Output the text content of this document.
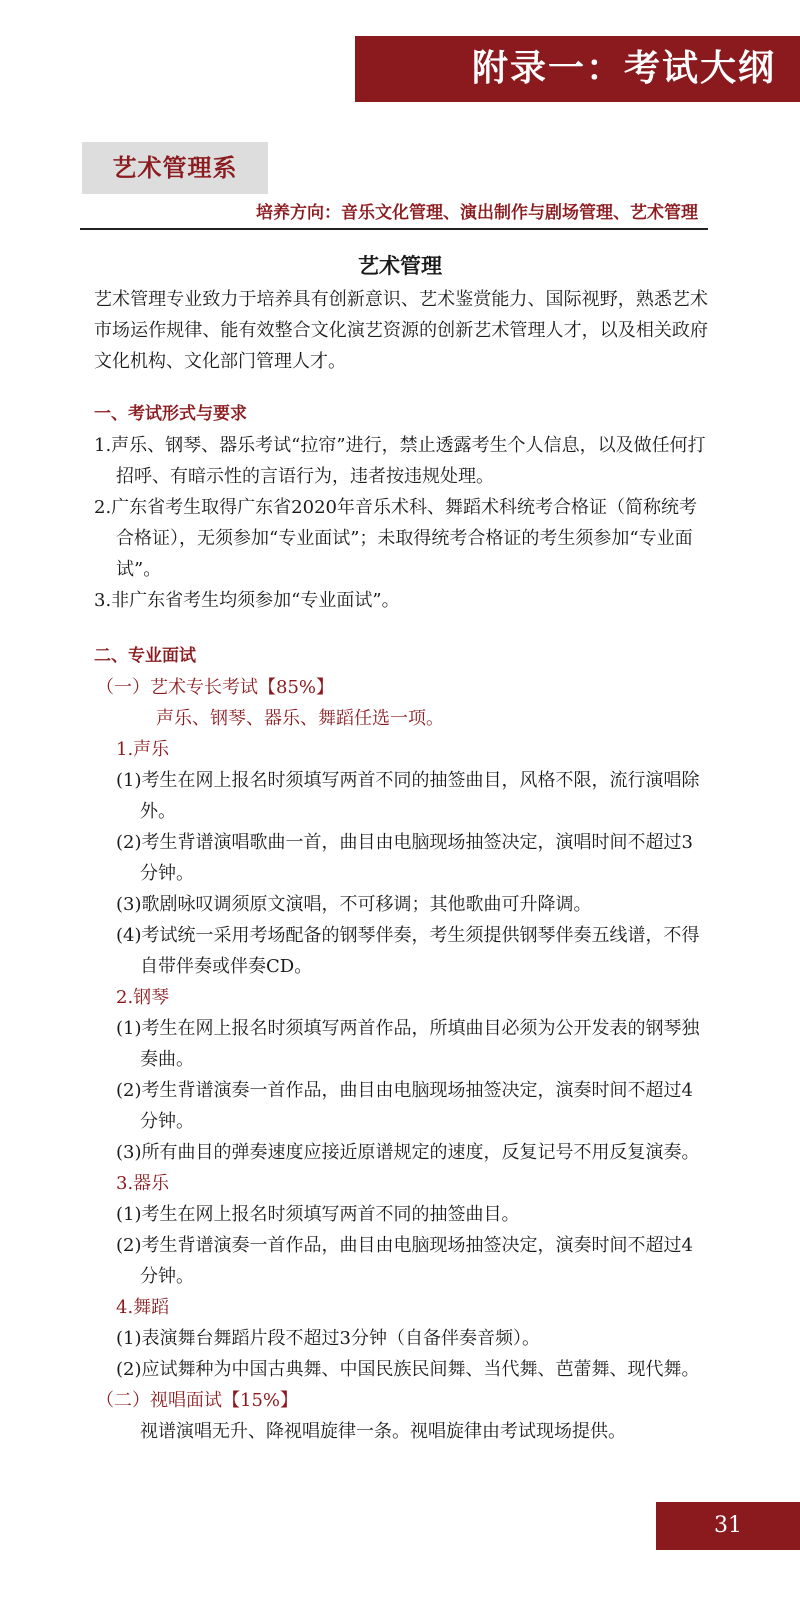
附录一：考试大纲
艺术管理系
培养方向：音乐文化管理、演出制作与剧场管理、艺术管理
艺术管理

艺术管理专业致力于培养具有创新意识、艺术鉴赏能力、国际视野，熟悉艺术市场运作规律、能有效整合文化演艺资源的创新艺术管理人才，以及相关政府文化机构、文化部门管理人才。

一、考试形式与要求

1.声乐、钢琴、器乐考试“拉帘”进行，禁止透露考生个人信息，以及做任何打招呼、有暗示性的言语行为，违者按违规处理。

2.广东省考生取得广东省2020年音乐术科、舞蹈术科统考合格证（简称统考合格证），无须参加“专业面试”；未取得统考合格证的考生须参加“专业面试”。

3.非广东省考生均须参加“专业面试”。

二、专业面试

（一）艺术专长考试【85%】

声乐、钢琴、器乐、舞蹈任选一项。

1.声乐

(1)考生在网上报名时须填写两首不同的抽签曲目，风格不限，流行演唱除外。

(2)考生背谱演唱歌曲一首，曲目由电脑现场抽签决定，演唱时间不超过3分钟。

(3)歌剧咏叹调须原文演唱，不可移调；其他歌曲可升降调。

(4)考试统一采用考场配备的钢琴伴奏，考生须提供钢琴伴奏五线谱，不得自带伴奏或伴奏CD。

2.钢琴

(1)考生在网上报名时须填写两首作品，所填曲目必须为公开发表的钢琴独奏曲。

(2)考生背谱演奏一首作品，曲目由电脑现场抽签决定，演奏时间不超过4分钟。

(3)所有曲目的弹奏速度应接近原谱规定的速度，反复记号不用反复演奏。

3.器乐

(1)考生在网上报名时须填写两首不同的抽签曲目。

(2)考生背谱演奏一首作品，曲目由电脑现场抽签决定，演奏时间不超过4分钟。

4.舞蹈

(1)表演舞台舞蹈片段不超过3分钟（自备伴奏音频）。

(2)应试舞种为中国古典舞、中国民族民间舞、当代舞、芭蕾舞、现代舞。

（二）视唱面试【15%】

视谱演唱无升、降视唱旋律一条。视唱旋律由考试现场提供。

31
